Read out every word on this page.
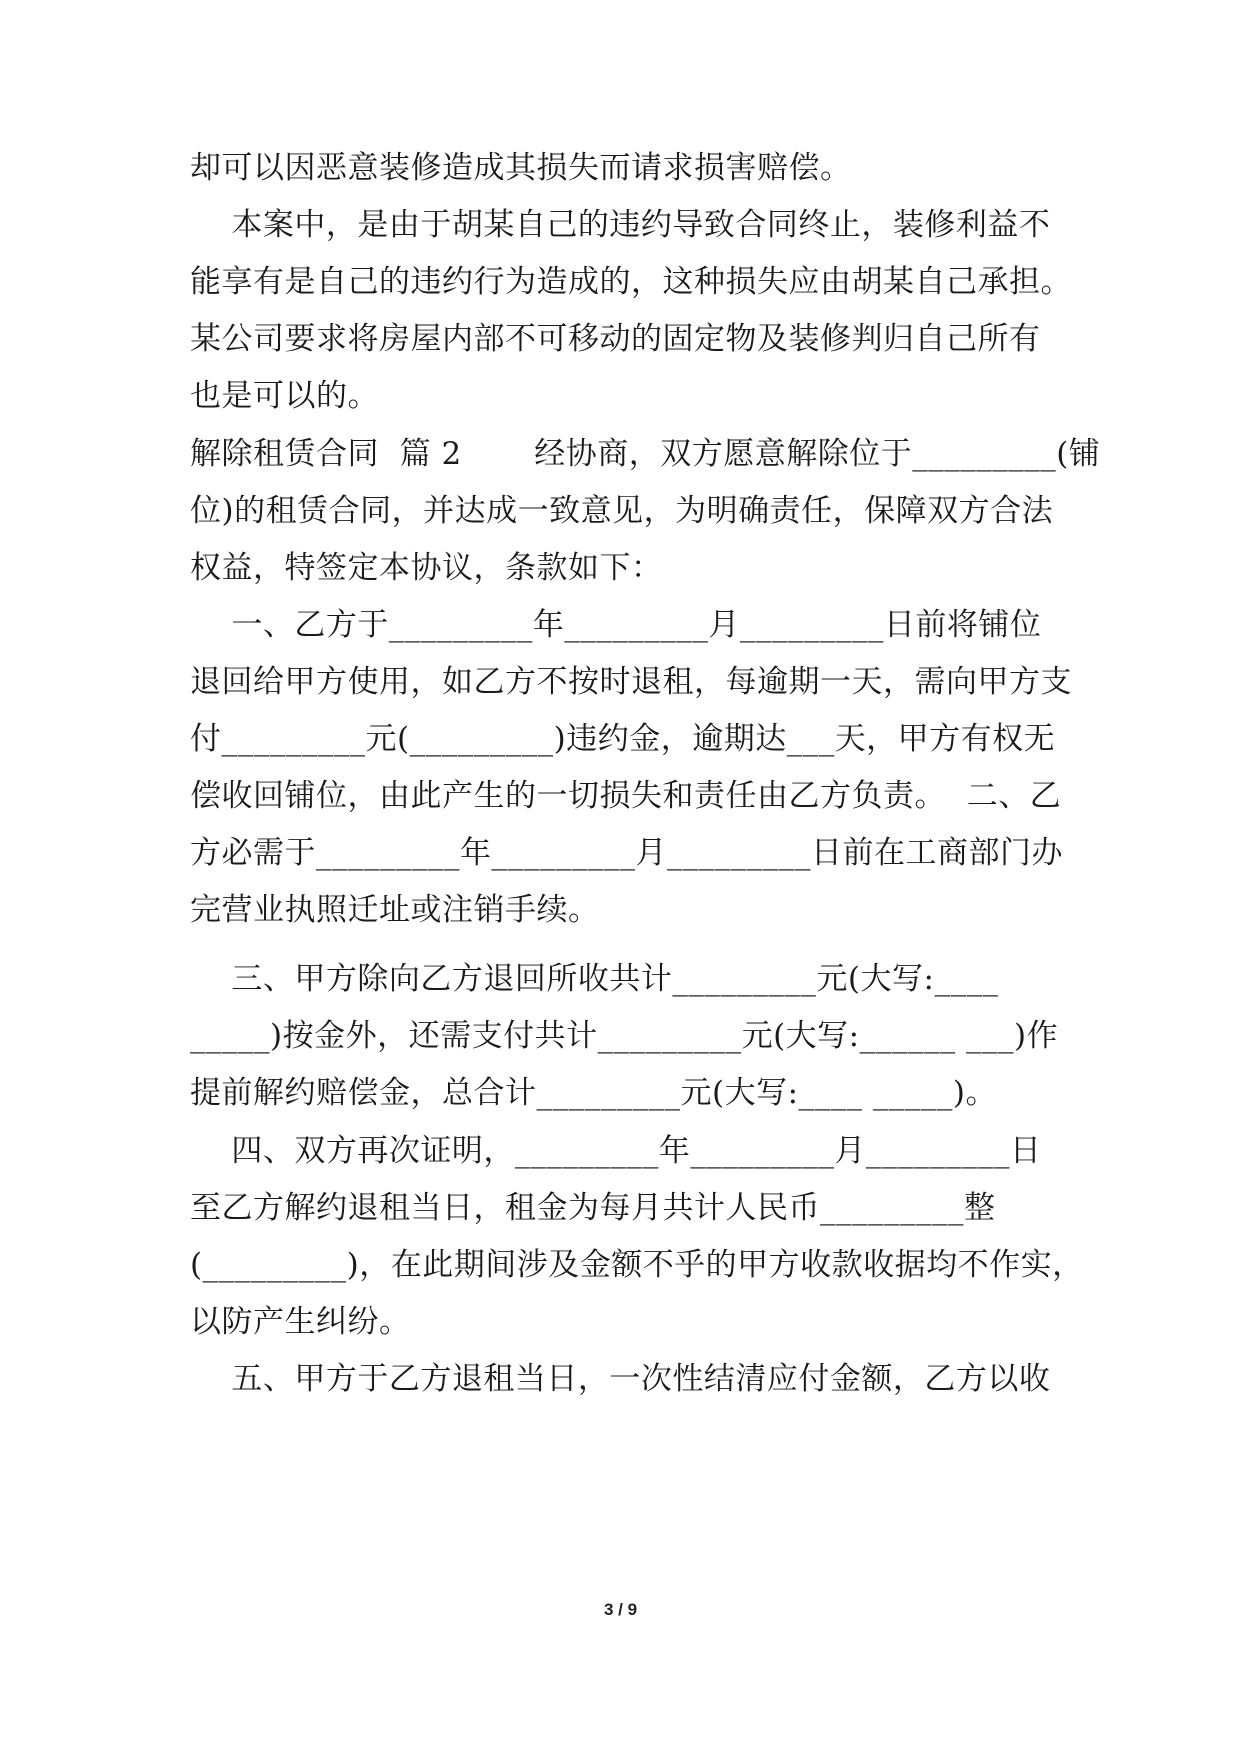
却可以因恶意装修造成其损失而请求损害赔偿。
本案中，是由于胡某自己的违约导致合同终止，装修利益不
能享有是自己的违约行为造成的，这种损失应由胡某自己承担。
某公司要求将房屋内部不可移动的固定物及装修判归自己所有
也是可以的。
解除租赁合同  篇 2       经协商，双方愿意解除位于_________(铺
位)的租赁合同，并达成一致意见，为明确责任，保障双方合法
权益，特签定本协议，条款如下：
一、乙方于_________年_________月_________日前将铺位
退回给甲方使用，如乙方不按时退租，每逾期一天，需向甲方支
付_________元(_________)违约金，逾期达___天，甲方有权无
偿收回铺位，由此产生的一切损失和责任由乙方负责。  二、乙
方必需于_________年_________月_________日前在工商部门办
完营业执照迁址或注销手续。
三、甲方除向乙方退回所收共计_________元(大写:____
_____)按金外，还需支付共计_________元(大写:______ ___)作
提前解约赔偿金，总合计_________元(大写:____ _____)。
四、双方再次证明，_________年_________月_________日
至乙方解约退租当日，租金为每月共计人民币_________整
(_________)，在此期间涉及金额不乎的甲方收款收据均不作实，
以防产生纠纷。
五、甲方于乙方退租当日，一次性结清应付金额，乙方以收
3 / 9
